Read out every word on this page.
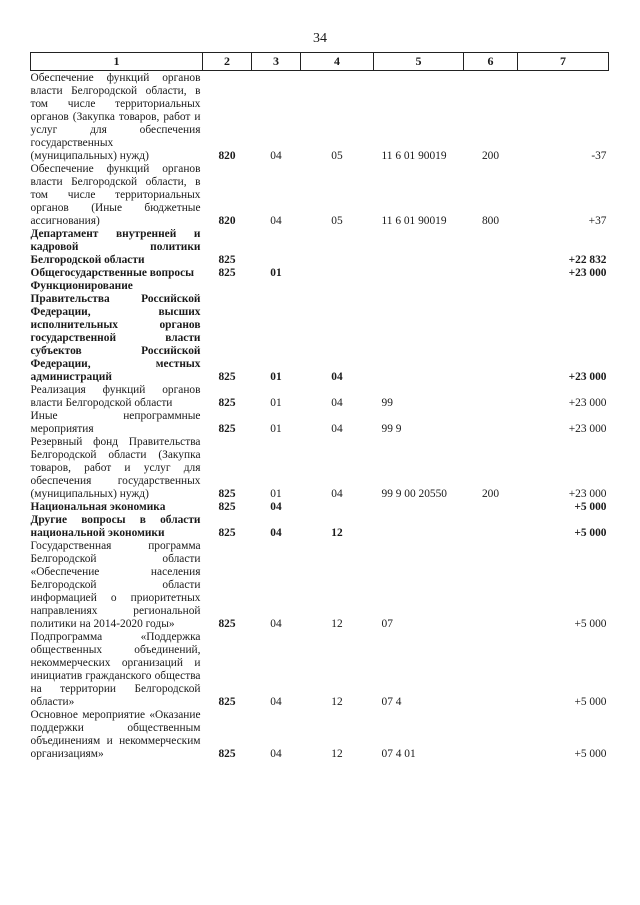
34
1	2	3	4	5	6	7
Обеспечение функций органов власти Белгородской области, в том числе территориальных органов (Закупка товаров, работ и услуг для обеспечения государственных (муниципальных) нужд)	820	04	05	11 6 01 90019	200	-37
Обеспечение функций органов власти Белгородской области, в том числе территориальных органов (Иные бюджетные ассигнования)	820	04	05	11 6 01 90019	800	+37
Департамент внутренней и кадровой политики Белгородской области	825					+22 832
Общегосударственные вопросы	825	01				+23 000
Функционирование Правительства Российской Федерации, высших исполнительных органов государственной власти субъектов Российской Федерации, местных администраций	825	01	04			+23 000
Реализация функций органов власти Белгородской области	825	01	04	99		+23 000
Иные непрограммные мероприятия	825	01	04	99 9		+23 000
Резервный фонд Правительства Белгородской области (Закупка товаров, работ и услуг для обеспечения государственных (муниципальных) нужд)	825	01	04	99 9 00 20550	200	+23 000
Национальная экономика	825	04				+5 000
Другие вопросы в области национальной экономики	825	04	12			+5 000
Государственная программа Белгородской области «Обеспечение населения Белгородской области информацией о приоритетных направлениях региональной политики на 2014-2020 годы»	825	04	12	07		+5 000
Подпрограмма «Поддержка общественных объединений, некоммерческих организаций и инициатив гражданского общества на территории Белгородской области»	825	04	12	07 4		+5 000
Основное мероприятие «Оказание поддержки общественным объединениям и некоммерческим организациям»	825	04	12	07 4 01		+5 000
